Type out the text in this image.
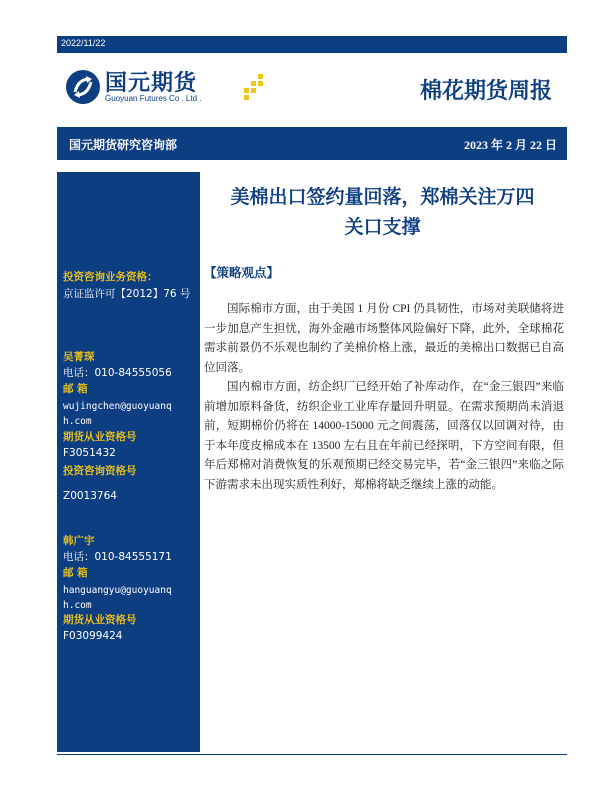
2022/11/22
国元期货
Guoyuan Futures Co . Ltd .	棉花期货周报
国元期货研究咨询部	2023 年 2 月 22 日
投资咨询业务资格：
京证监许可【2012】76 号
吴菁琛
电话：010-84555056
邮 箱
wujingchen@guoyuanq
h.com
期货从业资格号
F3051432
投资咨询资格号
Z0013764
韩广宇
电话：010-84555171
邮 箱
hanguangyu@guoyuanq
h.com
期货从业资格号
F03099424
美棉出口签约量回落，郑棉关注万四
关口支撑
【策略观点】

国际棉市方面，由于美国 1 月份 CPI 仍具韧性，市场对美联储将进一步加息产生担忧，海外金融市场整体风险偏好下降，此外，全球棉花需求前景仍不乐观也制约了美棉价格上涨，最近的美棉出口数据已自高位回落。

国内棉市方面，纺企织厂已经开始了补库动作，在“金三银四”来临前增加原料备货，纺织企业工业库存量回升明显。在需求预期尚未消退前，短期棉价仍将在 14000-15000 元之间震荡，回落仅以回调对待，由于本年度皮棉成本在 13500 左右且在年前已经探明，下方空间有限，但年后郑棉对消费恢复的乐观预期已经交易完毕，若“金三银四”来临之际下游需求未出现实质性利好，郑棉将缺乏继续上涨的动能。
